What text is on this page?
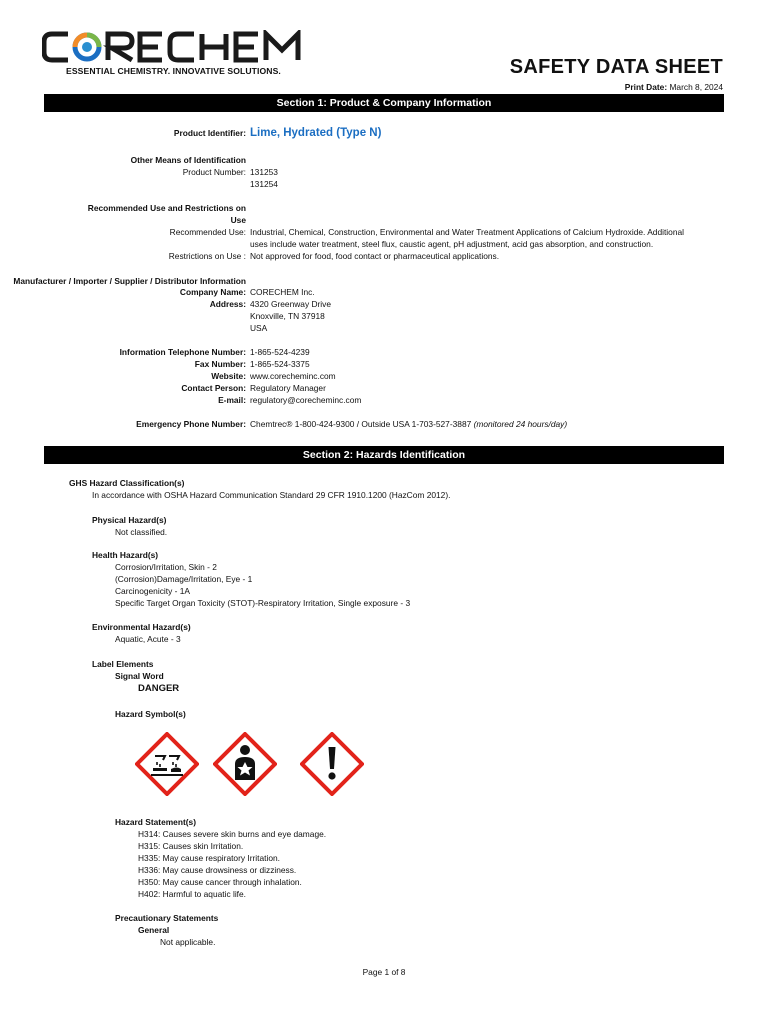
ESSENTIAL CHEMISTRY. INNOVATIVE SOLUTIONS.	SAFETY DATA SHEET
Print Date: March 8, 2024
Section 1: Product & Company Information
Product Identifier: Lime, Hydrated (Type N)
Other Means of Identification
Product Number: 131253
131254
Recommended Use and Restrictions on
Use
Recommended Use: Industrial, Chemical, Construction, Environmental and Water Treatment Applications of Calcium Hydroxide. Additional
uses include water treatment, steel flux, caustic agent, pH adjustment, acid gas absorption, and construction.
Restrictions on Use : Not approved for food, food contact or pharmaceutical applications.
Manufacturer / Importer / Supplier / Distributor Information
Company Name: CORECHEM Inc.
Address: 4320 Greenway Drive
Knoxville, TN 37918
USA
Information Telephone Number: 1-865-524-4239
Fax Number: 1-865-524-3375
Website: www.corecheminc.com
Contact Person: Regulatory Manager
E-mail: regulatory@corecheminc.com
Emergency Phone Number: Chemtrec® 1-800-424-9300 / Outside USA 1-703-527-3887 (monitored 24 hours/day)
Section 2: Hazards Identification
GHS Hazard Classification(s)
In accordance with OSHA Hazard Communication Standard 29 CFR 1910.1200 (HazCom 2012).
Physical Hazard(s)
Not classified.
Health Hazard(s)
Corrosion/Irritation, Skin - 2
(Corrosion)Damage/Irritation, Eye - 1
Carcinogenicity - 1A
Specific Target Organ Toxicity (STOT)-Respiratory Irritation, Single exposure - 3
Environmental Hazard(s)
Aquatic, Acute - 3
Label Elements
Signal Word
DANGER
Hazard Symbol(s)
Hazard Statement(s)
H314: Causes severe skin burns and eye damage.
H315: Causes skin Irritation.
H335: May cause respiratory Irritation.
H336: May cause drowsiness or dizziness.
H350: May cause cancer through inhalation.
H402: Harmful to aquatic life.
Precautionary Statements
General
Not applicable.
Page 1 of 8
